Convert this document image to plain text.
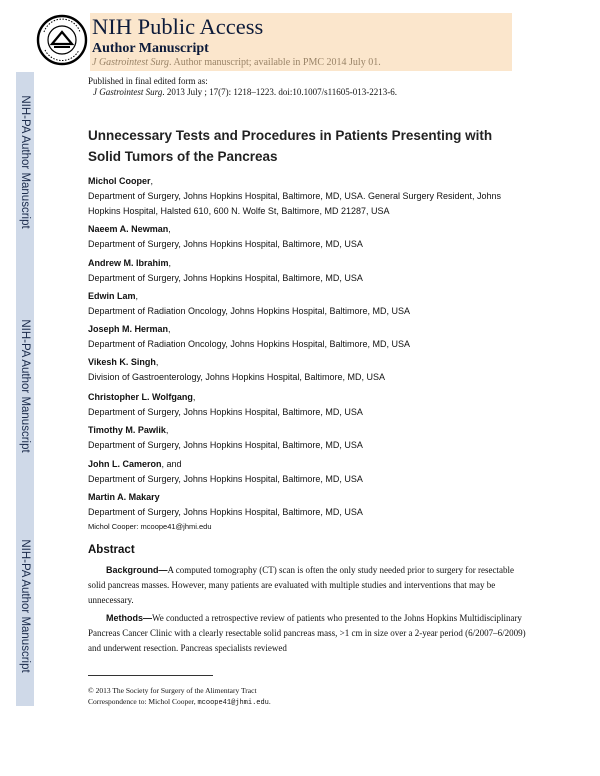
NIH-PA Author Manuscript
NIH-PA Author Manuscript
NIH-PA Author Manuscript
NIH Public Access
Author Manuscript
J Gastrointest Surg. Author manuscript; available in PMC 2014 July 01.
Published in final edited form as:
J Gastrointest Surg. 2013 July ; 17(7): 1218–1223. doi:10.1007/s11605-013-2213-6.
Unnecessary Tests and Procedures in Patients Presenting with Solid Tumors of the Pancreas
Michol Cooper,
Department of Surgery, Johns Hopkins Hospital, Baltimore, MD, USA. General Surgery Resident, Johns Hopkins Hospital, Halsted 610, 600 N. Wolfe St, Baltimore, MD 21287, USA
Naeem A. Newman,
Department of Surgery, Johns Hopkins Hospital, Baltimore, MD, USA
Andrew M. Ibrahim,
Department of Surgery, Johns Hopkins Hospital, Baltimore, MD, USA
Edwin Lam,
Department of Radiation Oncology, Johns Hopkins Hospital, Baltimore, MD, USA
Joseph M. Herman,
Department of Radiation Oncology, Johns Hopkins Hospital, Baltimore, MD, USA
Vikesh K. Singh,
Division of Gastroenterology, Johns Hopkins Hospital, Baltimore, MD, USA
Christopher L. Wolfgang,
Department of Surgery, Johns Hopkins Hospital, Baltimore, MD, USA
Timothy M. Pawlik,
Department of Surgery, Johns Hopkins Hospital, Baltimore, MD, USA
John L. Cameron, and
Department of Surgery, Johns Hopkins Hospital, Baltimore, MD, USA
Martin A. Makary
Department of Surgery, Johns Hopkins Hospital, Baltimore, MD, USA
Michol Cooper: mcoope41@jhmi.edu
Abstract
Background—A computed tomography (CT) scan is often the only study needed prior to surgery for resectable solid pancreas masses. However, many patients are evaluated with multiple studies and interventions that may be unnecessary.
Methods—We conducted a retrospective review of patients who presented to the Johns Hopkins Multidisciplinary Pancreas Cancer Clinic with a clearly resectable solid pancreas mass, >1 cm in size over a 2-year period (6/2007–6/2009) and underwent resection. Pancreas specialists reviewed
© 2013 The Society for Surgery of the Alimentary Tract
Correspondence to: Michol Cooper, mcoope41@jhmi.edu.
